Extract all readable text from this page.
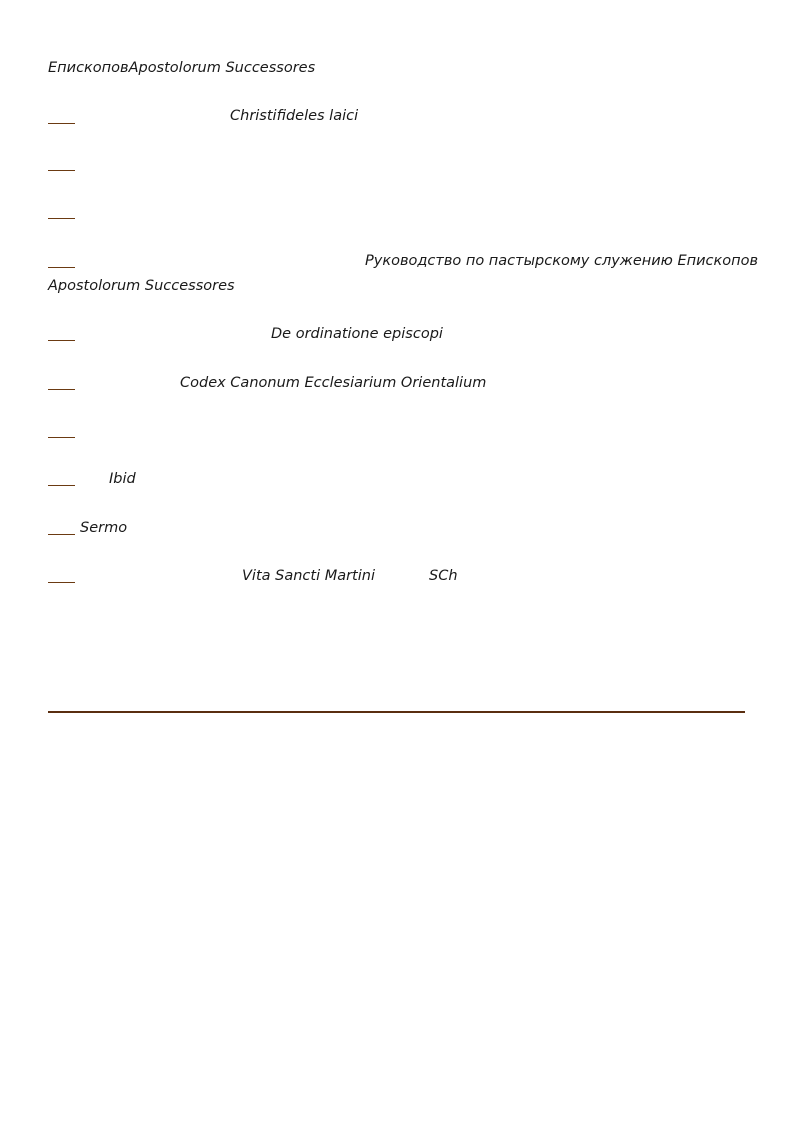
ЕпископовApostolorum Successores
Christifideles laici
Руководство по пастырскому служению Епископов
Apostolorum Successores
De ordinatione episcopi
Codex Canonum Ecclesiarium Orientalium
Ibid
Sermo
Vita Sancti Martini	SCh
